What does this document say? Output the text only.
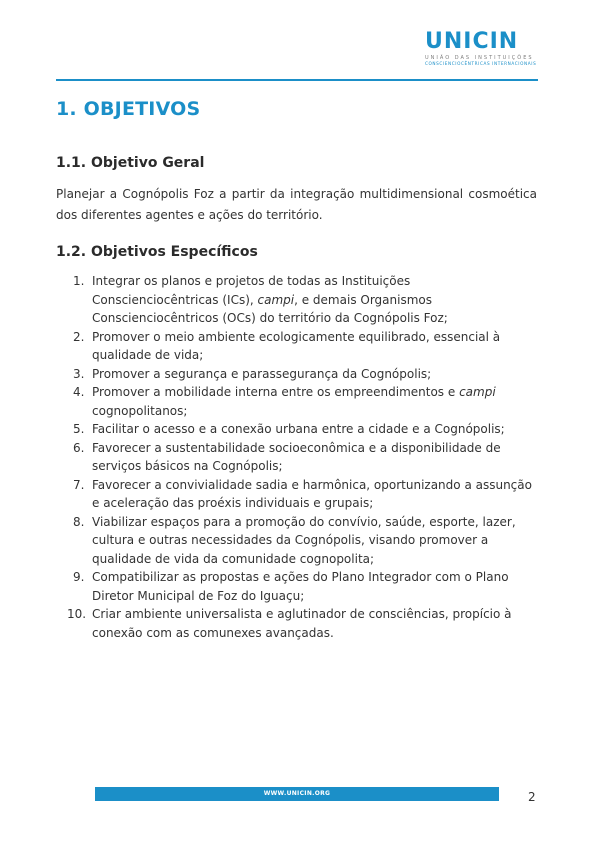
UNICIN
UNIÃO DAS INSTITUIÇÕES
CONSCIENCIOCÊNTRICAS INTERNACIONAIS
1. OBJETIVOS
1.1. Objetivo Geral

Planejar a Cognópolis Foz a partir da integração multidimensional cosmoética dos diferentes agentes e ações do território.

1.2. Objetivos Específicos
1. Integrar os planos e projetos de todas as Instituições Conscienciocêntricas (ICs), campi, e demais Organismos Conscienciocêntricos (OCs) do território da Cognópolis Foz;
2. Promover o meio ambiente ecologicamente equilibrado, essencial à qualidade de vida;
3. Promover a segurança e parassegurança da Cognópolis;
4. Promover a mobilidade interna entre os empreendimentos e campi cognopolitanos;
5. Facilitar o acesso e a conexão urbana entre a cidade e a Cognópolis;
6. Favorecer a sustentabilidade socioeconômica e a disponibilidade de serviços básicos na Cognópolis;
7. Favorecer a convivialidade sadia e harmônica, oportunizando a assunção e aceleração das proéxis individuais e grupais;
8. Viabilizar espaços para a promoção do convívio, saúde, esporte, lazer, cultura e outras necessidades da Cognópolis, visando promover a qualidade de vida da comunidade cognopolita;
9. Compatibilizar as propostas e ações do Plano Integrador com o Plano Diretor Municipal de Foz do Iguaçu;
10. Criar ambiente universalista e aglutinador de consciências, propício à conexão com as comunexes avançadas.
WWW.UNICIN.ORG	2
